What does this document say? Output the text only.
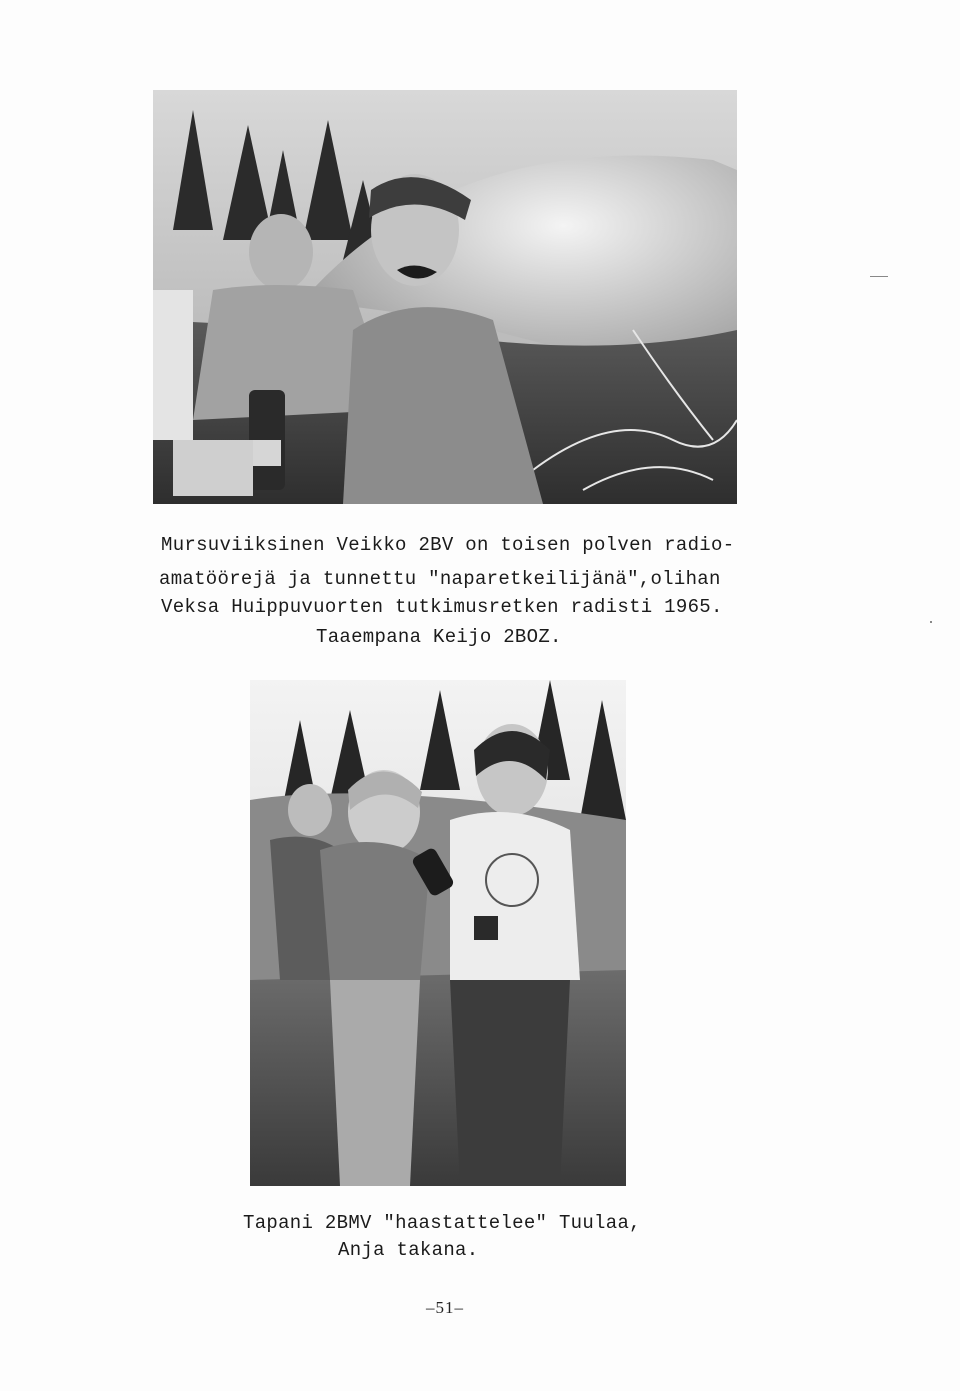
Mursuviiksinen Veikko 2BV on toisen polven radio-
amatöörejä ja tunnettu "naparetkeilijänä",olihan
Veksa Huippuvuorten tutkimusretken radisti 1965.
Taaempana Keijo 2BOZ.
Tapani 2BMV "haastattelee" Tuulaa,
Anja takana.
–51–
